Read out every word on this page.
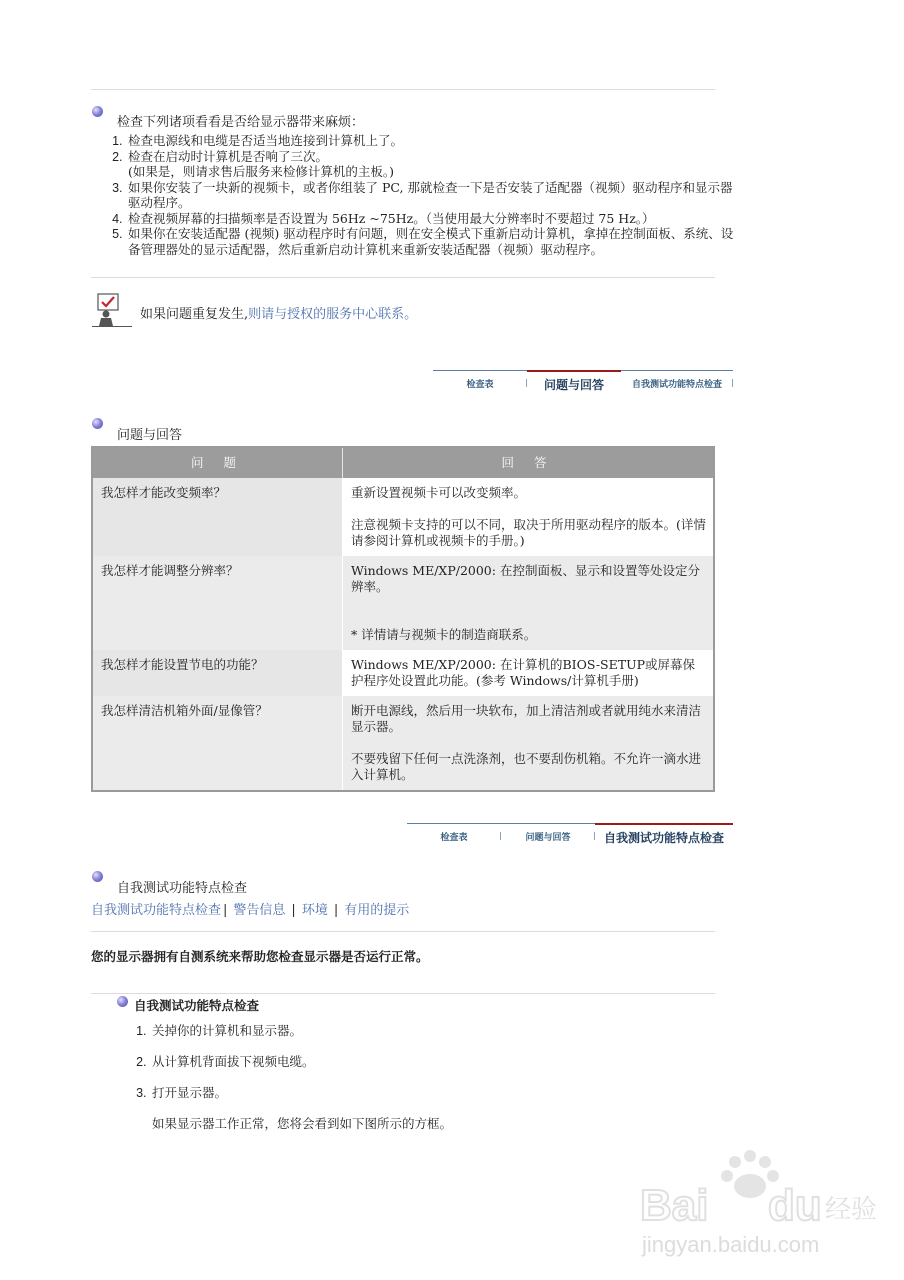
检查下列诸项看看是否给显示器带来麻烦：
1. 检查电源线和电缆是否适当地连接到计算机上了。
2. 检查在启动时计算机是否响了三次。
(如果是，则请求售后服务来检修计算机的主板。)
3. 如果你安装了一块新的视频卡，或者你组装了 PC, 那就检查一下是否安装了适配器（视频）驱动程序和显示器驱动程序。
4. 检查视频屏幕的扫描频率是否设置为 56Hz ~75Hz。（当使用最大分辨率时不要超过 75 Hz。）
5. 如果你在安装适配器 (视频) 驱动程序时有问题，则在安全模式下重新启动计算机，拿掉在控制面板、系统、设备管理器处的显示适配器，然后重新启动计算机来重新安装适配器（视频）驱动程序。
如果问题重复发生,则请与授权的服务中心联系。
检查表	问题与回答	自我测试功能特点检查
问题与回答
问 题	回 答
我怎样才能改变频率？	重新设置视频卡可以改变频率。

注意视频卡支持的可以不同，取决于所用驱动程序的版本。(详情请参阅计算机或视频卡的手册。)

我怎样才能调整分辨率？	Windows ME/XP/2000: 在控制面板、显示和设置等处设定分辨率。

* 详情请与视频卡的制造商联系。

我怎样才能设置节电的功能？	Windows ME/XP/2000: 在计算机的BIOS-SETUP或屏幕保护程序处设置此功能。(参考 Windows/计算机手册)

我怎样清洁机箱外面/显像管？	断开电源线，然后用一块软布，加上清洁剂或者就用纯水来清洁显示器。

不要残留下任何一点洗涤剂，也不要刮伤机箱。不允许一滴水进入计算机。

检查表	问题与回答	自我测试功能特点检查
自我测试功能特点检查
自我测试功能特点检查 | 警告信息 | 环境 | 有用的提示
您的显示器拥有自测系统来帮助您检查显示器是否运行正常。
自我测试功能特点检查
1. 关掉你的计算机和显示器。
2. 从计算机背面拔下视频电缆。
3. 打开显示器。

如果显示器工作正常，您将会看到如下图所示的方框。

Bai du 经验
jingyan.baidu.com
